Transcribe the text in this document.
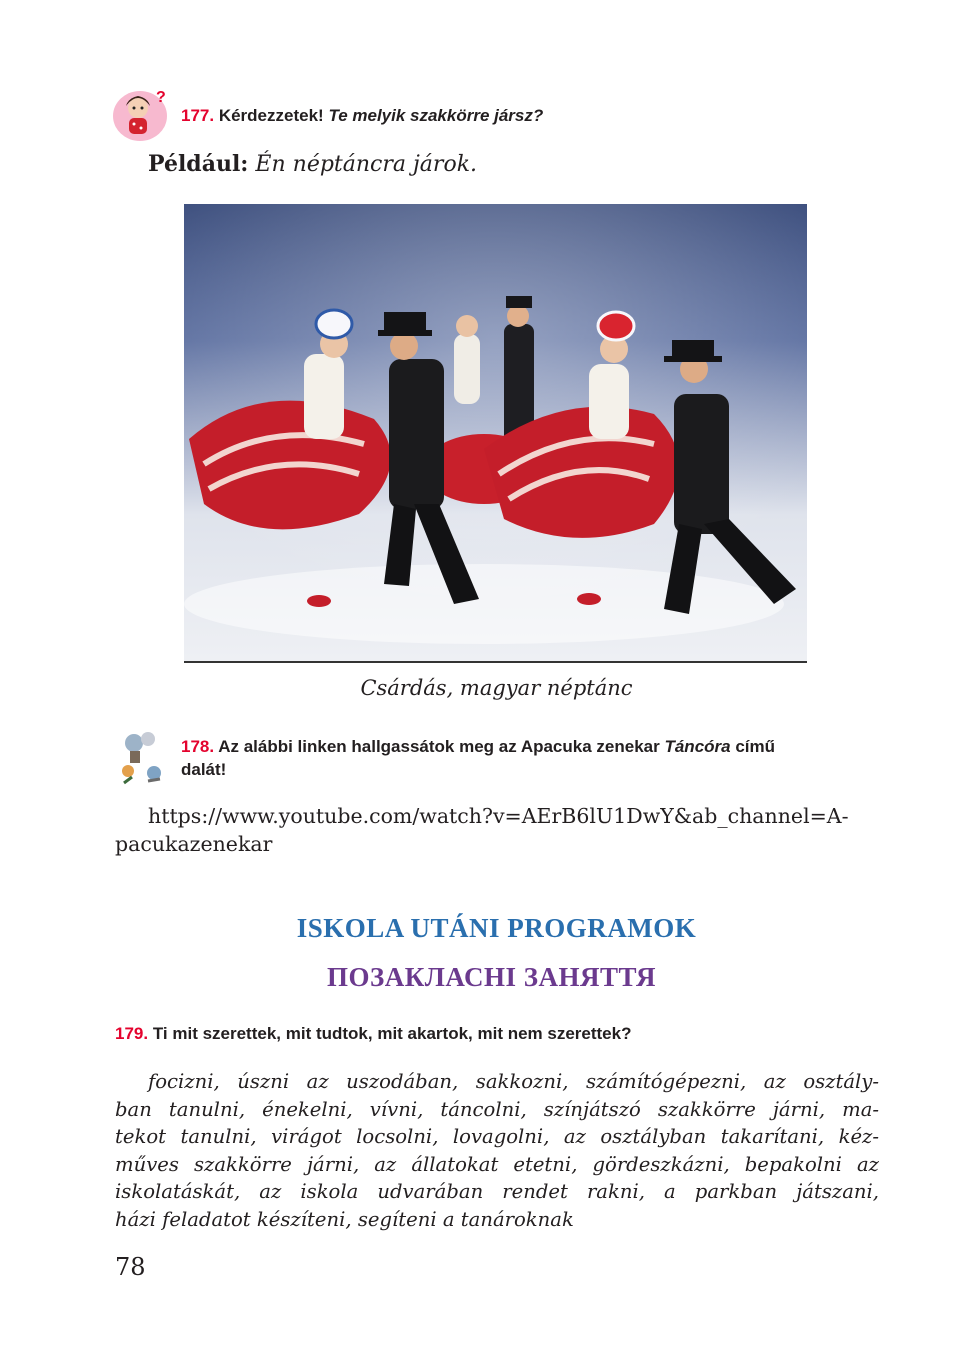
?
177. Kérdezzetek! Te melyik szakkörre jársz?
Például: Én néptáncra járok.
Csárdás, magyar néptánc
178. Az alábbi linken hallgassátok meg az Apacuka zenekar Táncóra című
dalát!
https://www.youtube.com/watch?v=AErB6lU1DwY&ab_channel=A-
pacukazenekar
ISKOLA UTÁNI PROGRAMOK
ПОЗАКЛАСНІ ЗАНЯТТЯ
179. Ti mit szerettek, mit tudtok, mit akartok, mit nem szerettek?
focizni, úszni az uszodában, sakkozni, számítógépezni, az osztály-
ban tanulni, énekelni, vívni, táncolni, színjátszó szakkörre járni, ma-
tekot tanulni, virágot locsolni, lovagolni, az osztályban takarítani, kéz-
műves szakkörre járni, az állatokat etetni, gördeszkázni, bepakolni az
iskolatáskát, az iskola udvarában rendet rakni, a parkban játszani,
házi feladatot készíteni, segíteni a tanároknak
78
